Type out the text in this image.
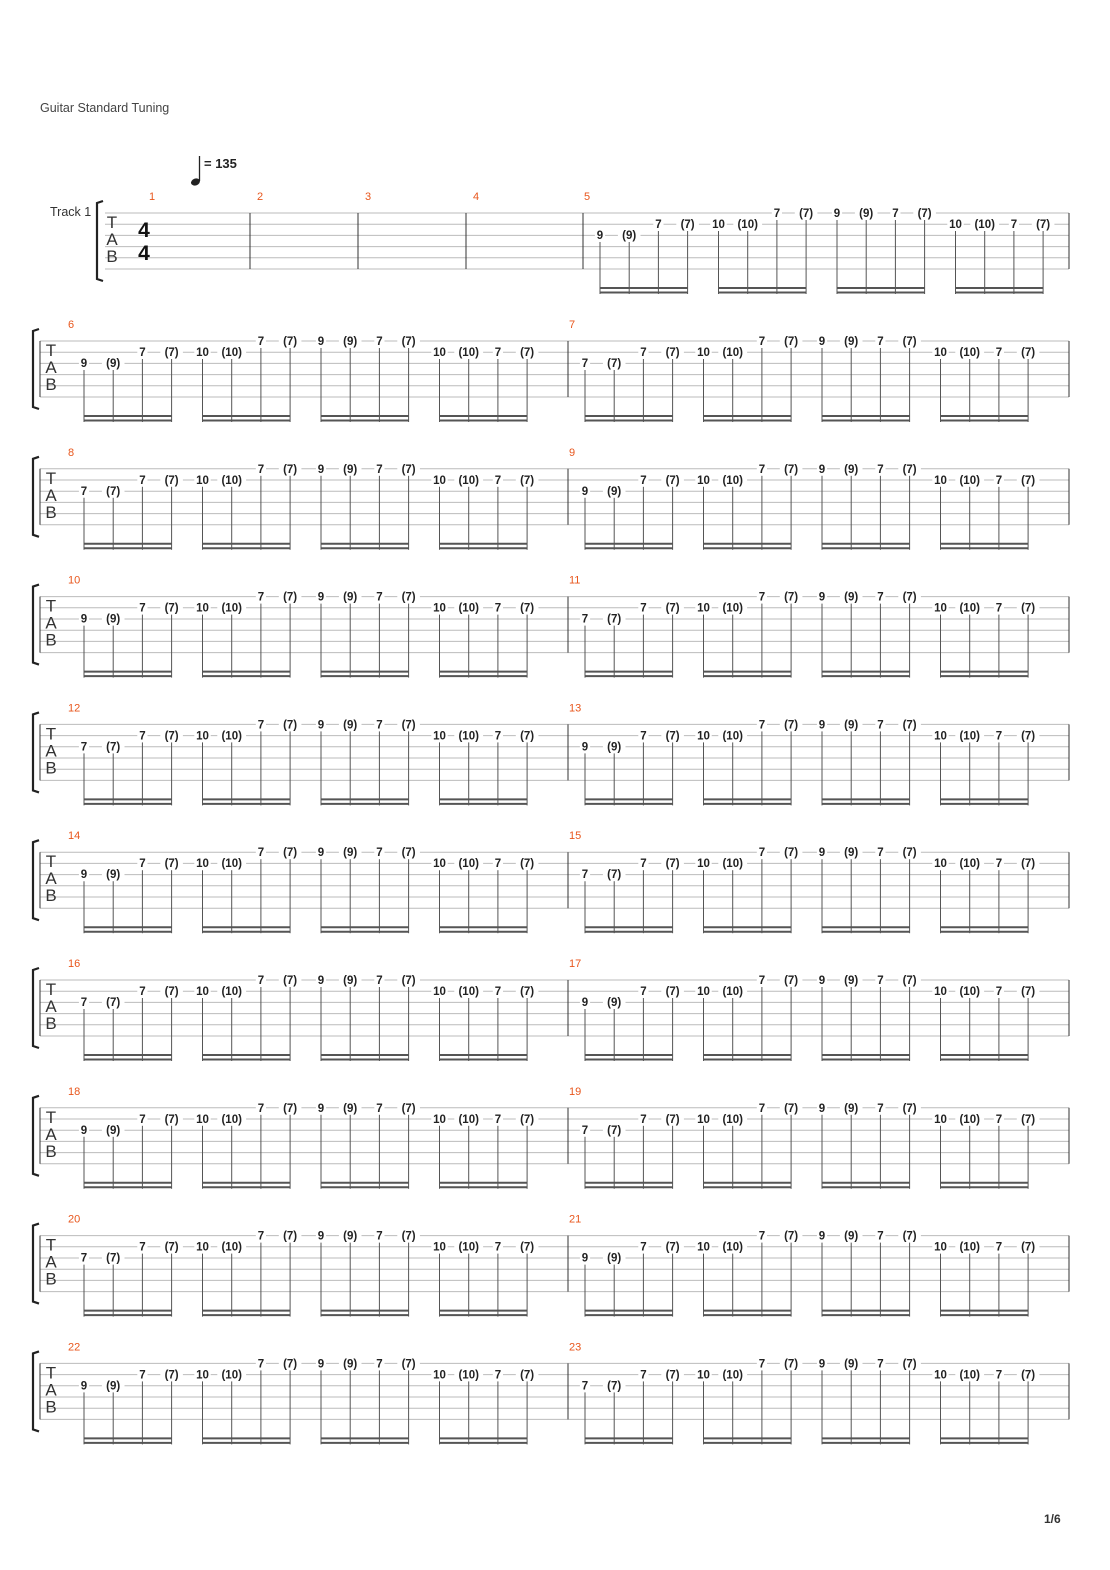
Guitar Standard Tuning
= 135
Track 1
T
A
B
4
4
1	2	3	4	5
9 (9)
7 (7) 10 (10)
7 (7) 9 (9) 7 (7)
10 (10) 7 (7)
T
A
B
6
9 (9)
7 (7) 10 (10)
7 (7) 9 (9) 7 (7)
10 (10) 7 (7)
7
7 (7)
7 (7) 10 (10)
7 (7) 9 (9) 7 (7)
10 (10) 7 (7)
T
A
B
8
7 (7)
7 (7) 10 (10)
7 (7) 9 (9) 7 (7)
10 (10) 7 (7)
9
9 (9)
7 (7) 10 (10)
7 (7) 9 (9) 7 (7)
10 (10) 7 (7)
T
A
B
10
9 (9)
7 (7) 10 (10)
7 (7) 9 (9) 7 (7)
10 (10) 7 (7)
11
7 (7)
7 (7) 10 (10)
7 (7) 9 (9) 7 (7)
10 (10) 7 (7)
T
A
B
12
7 (7)
7 (7) 10 (10)
7 (7) 9 (9) 7 (7)
10 (10) 7 (7)
13
9 (9)
7 (7) 10 (10)
7 (7) 9 (9) 7 (7)
10 (10) 7 (7)
T
A
B
14
9 (9)
7 (7) 10 (10)
7 (7) 9 (9) 7 (7)
10 (10) 7 (7)
15
7 (7)
7 (7) 10 (10)
7 (7) 9 (9) 7 (7)
10 (10) 7 (7)
T
A
B
16
7 (7)
7 (7) 10 (10)
7 (7) 9 (9) 7 (7)
10 (10) 7 (7)
17
9 (9)
7 (7) 10 (10)
7 (7) 9 (9) 7 (7)
10 (10) 7 (7)
T
A
B
18
9 (9)
7 (7) 10 (10)
7 (7) 9 (9) 7 (7)
10 (10) 7 (7)
19
7 (7)
7 (7) 10 (10)
7 (7) 9 (9) 7 (7)
10 (10) 7 (7)
T
A
B
20
7 (7)
7 (7) 10 (10)
7 (7) 9 (9) 7 (7)
10 (10) 7 (7)
21
9 (9)
7 (7) 10 (10)
7 (7) 9 (9) 7 (7)
10 (10) 7 (7)
T
A
B
22
9 (9)
7 (7) 10 (10)
7 (7) 9 (9) 7 (7)
10 (10) 7 (7)
23
7 (7)
7 (7) 10 (10)
7 (7) 9 (9) 7 (7)
10 (10) 7 (7)
1/6
